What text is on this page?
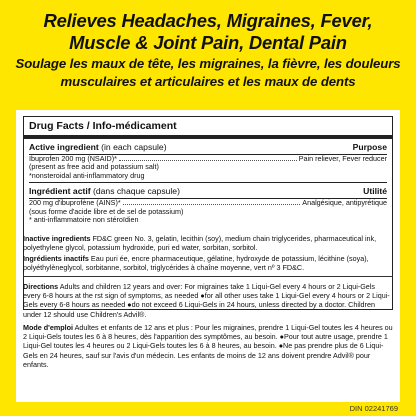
Relieves Headaches, Migraines, Fever,
Muscle & Joint Pain, Dental Pain
Soulage les maux de tête, les migraines, la fièvre, les douleurs
musculaires et articulaires et les maux de dents
Drug Facts / Info-médicament
Active ingredient (in each capsule)	Purpose
Ibuprofen 200 mg (NSAID)*	Pain reliever, Fever reducer
(present as free acid and potassium salt)
*nonsteroidal anti-inflammatory drug
Ingrédient actif (dans chaque capsule)	Utilité
200 mg d'ibuprofène (AINS)*	Analgésique, antipyrétique
(sous forme d'acide libre et de sel de potassium)
* anti-inflammatoire non stéroïdien
Inactive ingredients FD&C green No. 3, gelatin, lecithin (soy), medium chain triglycerides, pharmaceutical ink, polyethylene glycol, potassium hydroxide, puri ed water, sorbitan, sorbitol.
Ingrédients inactifs Eau puri ée, encre pharmaceutique, gélatine, hydroxyde de potassium, lécithine (soya), polyéthylèneglycol, sorbitanne, sorbitol, triglycérides à chaîne moyenne, vert nº 3 FD&C.
Directions Adults and children 12 years and over: For migraines take 1 Liqui-Gel every 4 hours or 2 Liqui-Gels every 6-8 hours at the rst sign of symptoms, as needed ●for all other uses take 1 Liqui-Gel every 4 hours or 2 Liqui-Gels every 6-8 hours as needed ●do not exceed 6 Liqui-Gels in 24 hours, unless directed by a doctor. Children under 12 should use Children's Advil®.
Mode d'emploi Adultes et enfants de 12 ans et plus : Pour les migraines, prendre 1 Liqui-Gel toutes les 4 heures ou 2 Liqui-Gels toutes les 6 à 8 heures, dès l'apparition des symptômes, au besoin. ●Pour tout autre usage, prendre 1 Liqui-Gel toutes les 4 heures ou 2 Liqui-Gels toutes les 6 à 8 heures, au besoin. ●Ne pas prendre plus de 6 Liqui-Gels en 24 heures, sauf sur l'avis d'un médecin. Les enfants de moins de 12 ans doivent prendre Advil® pour enfants.
DIN 02241769
